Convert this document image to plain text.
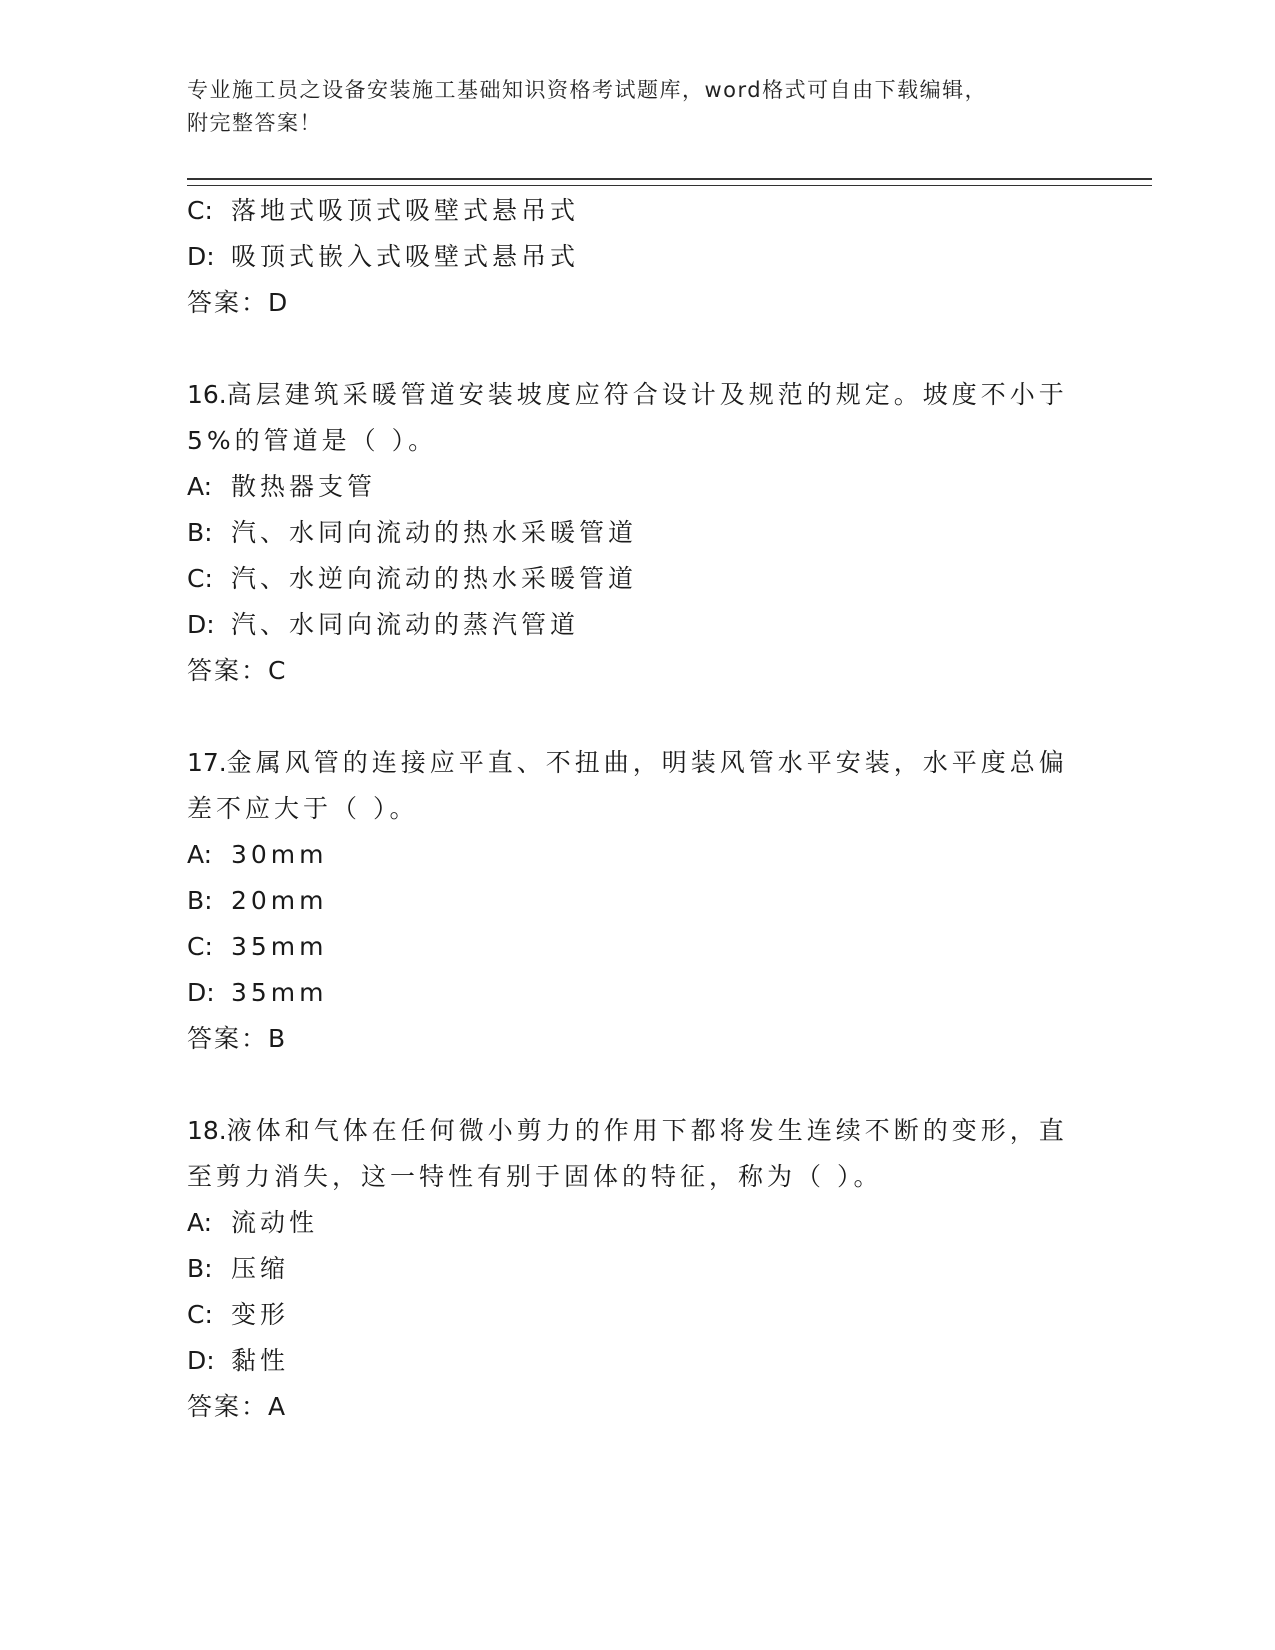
专业施工员之设备安装施工基础知识资格考试题库，word格式可自由下载编辑，
附完整答案！
C: 落地式吸顶式吸壁式悬吊式
D: 吸顶式嵌入式吸壁式悬吊式
答案：D
16.高层建筑采暖管道安装坡度应符合设计及规范的规定。坡度不小于
5%的管道是（ ）。
A: 散热器支管
B: 汽、水同向流动的热水采暖管道
C: 汽、水逆向流动的热水采暖管道
D: 汽、水同向流动的蒸汽管道
答案：C
17.金属风管的连接应平直、不扭曲，明装风管水平安装，水平度总偏
差不应大于（ ）。
A: 30mm
B: 20mm
C: 35mm
D: 35mm
答案：B
18.液体和气体在任何微小剪力的作用下都将发生连续不断的变形，直
至剪力消失，这一特性有别于固体的特征，称为（ ）。
A: 流动性
B: 压缩
C: 变形
D: 黏性
答案：A
